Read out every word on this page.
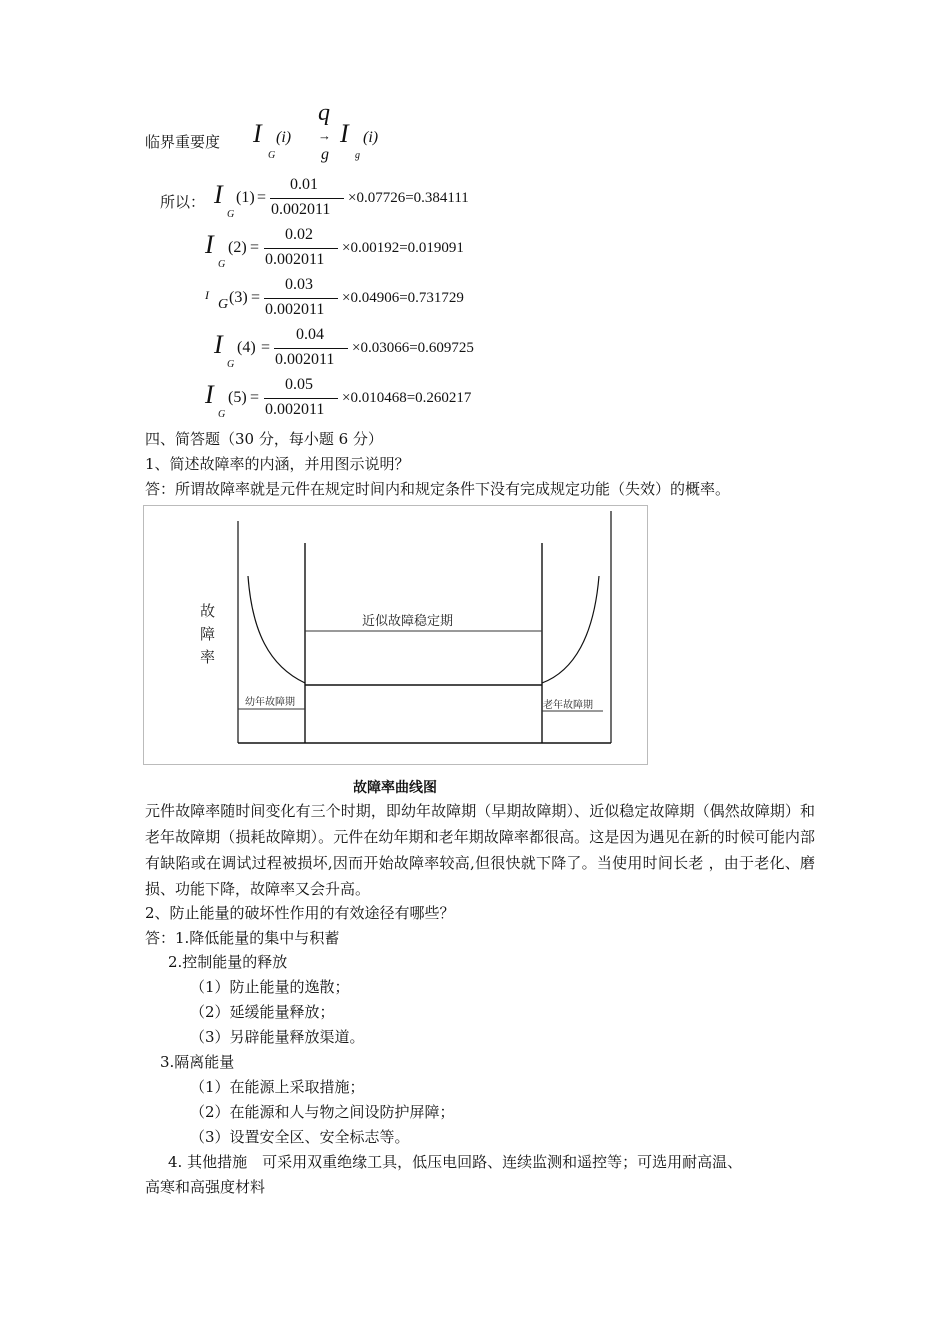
临界重要度 I
G
(i)
q
→
g
I
g
(i)
所以： I
G
(1) =
0.01
0.002011
×0.07726=0.384111
I
G
(2) =
0.02
0.002011
×0.00192=0.019091
I
G (3) =
0.03
0.002011
×0.04906=0.731729
I
G
(4) =
0.04
0.002011
×0.03066=0.609725
I
G
(5) =
0.05
0.002011
×0.010468=0.260217
四、简答题（30 分，每小题 6 分）
1、简述故障率的内涵，并用图示说明？
答：所谓故障率就是元件在规定时间内和规定条件下没有完成规定功能（失效）的概率。
故
障
率
近似故障稳定期
幼年故障期	老年故障期
故障率曲线图
元件故障率随时间变化有三个时期，即幼年故障期（早期故障期）、近似稳定故障期（偶然故障期）和老年故障期（损耗故障期）。元件在幼年期和老年期故障率都很高。这是因为遇见在新的时候可能内部有缺陷或在调试过程被损坏,因而开始故障率较高,但很快就下降了。当使用时间长老 ，由于老化、磨损、功能下降，故障率又会升高。
2、防止能量的破坏性作用的有效途径有哪些？
答：1.降低能量的集中与积蓄
2.控制能量的释放
（1）防止能量的逸散；
（2）延缓能量释放；
（3）另辟能量释放渠道。
3.隔离能量
（1）在能源上采取措施；
（2）在能源和人与物之间设防护屏障；
（3）设置安全区、安全标志等。
4. 其他措施　可采用双重绝缘工具，低压电回路、连续监测和遥控等；可选用耐高温、
高寒和高强度材料
